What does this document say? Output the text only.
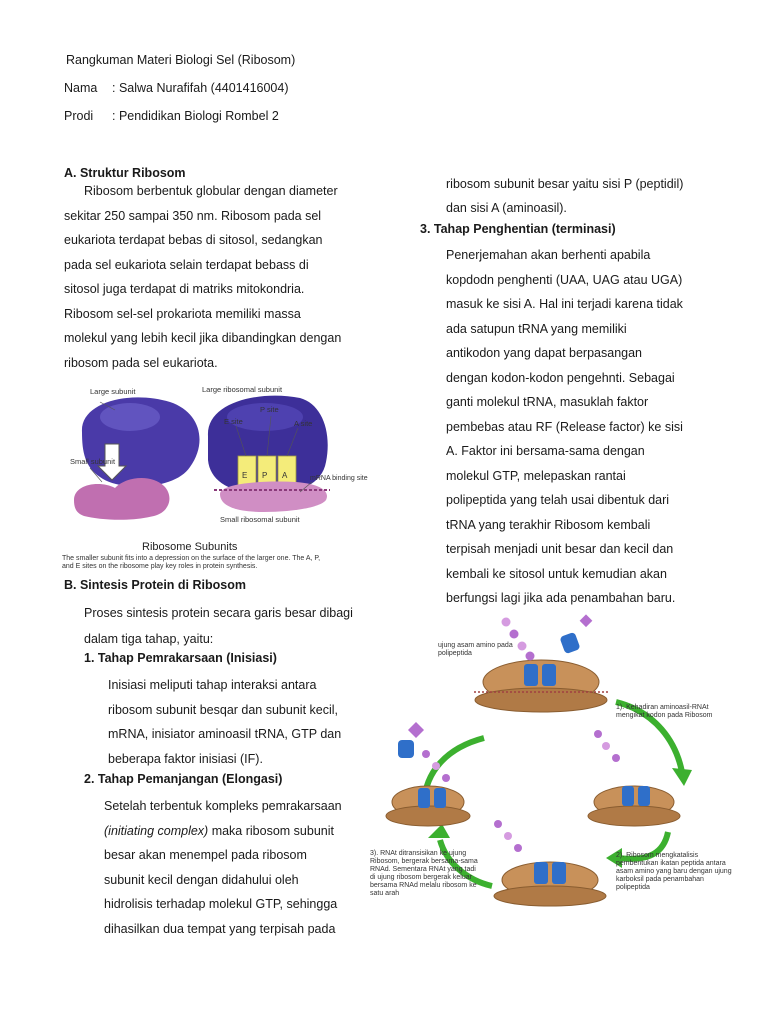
Rangkuman Materi Biologi Sel (Ribosom)
Nama : Salwa Nurafifah (4401416004)
Prodi : Pendidikan Biologi Rombel 2
A. Struktur Ribosom
Ribosom berbentuk globular dengan diameter
sekitar 250 sampai 350 nm. Ribosom pada sel
eukariota terdapat bebas di sitosol, sedangkan
pada sel eukariota selain terdapat bebass di
sitosol juga terdapat di matriks mitokondria.
Ribosom sel-sel prokariota memiliki massa
molekul yang lebih kecil jika dibandingkan dengan
ribosom pada sel eukariota.
Large subunit
Small subunit
Large ribosomal subunit
P site
E site	A site
E P A	mRNA binding site
Small ribosomal subunit
Ribosome Subunits
The smaller subunit fits into a depression on the surface of the larger one. The A, P,
and E sites on the ribosome play key roles in protein synthesis.
B. Sintesis Protein di Ribosom
Proses sintesis protein secara garis besar dibagi
dalam tiga tahap, yaitu:
1. Tahap Pemrakarsaan (Inisiasi)
Inisiasi meliputi tahap interaksi antara
ribosom subunit besqar dan subunit kecil,
mRNA, inisiator aminoasil tRNA, GTP dan
beberapa faktor inisiasi (IF).
2. Tahap Pemanjangan (Elongasi)
Setelah terbentuk kompleks pemrakarsaan
(initiating complex) maka ribosom subunit
besar akan menempel pada ribosom
subunit kecil dengan didahului oleh
hidrolisis terhadap molekul GTP, sehingga
dihasilkan dua tempat yang terpisah pada
ribosom subunit besar yaitu sisi P (peptidil)
dan sisi A (aminoasil).
3. Tahap Penghentian (terminasi)
Penerjemahan akan berhenti apabila
kopdodn penghenti (UAA, UAG atau UGA)
masuk ke sisi A. Hal ini terjadi karena tidak
ada satupun tRNA yang memiliki
antikodon yang dapat berpasangan
dengan kodon-kodon pengehnti. Sebagai
ganti molekul tRNA, masuklah faktor
pembebas atau RF (Release factor) ke sisi
A. Faktor ini bersama-sama dengan
molekul GTP, melepaskan rantai
polipeptida yang telah usai dibentuk dari
tRNA yang terakhir Ribosom kembali
terpisah menjadi unit besar dan kecil dan
kembali ke sitosol untuk kemudian akan
berfungsi lagi jika ada penambahan baru.
ujung asam amino pada polipeptida
1). Kehadiran aminoasil-RNAt mengikat kodon pada Ribosom
3). RNAt ditransisikan ke ujung Ribosom, bergerak bersama-sama RNAd. Sementara RNAt yang tadi di ujung ribosom bergerak keluar bersama RNAd melalu ribosom ke satu arah
2). Ribosom mengkatalisis pembentukan ikatan peptida antara asam amino yang baru dengan ujung karboksil pada penambahan polipeptida
